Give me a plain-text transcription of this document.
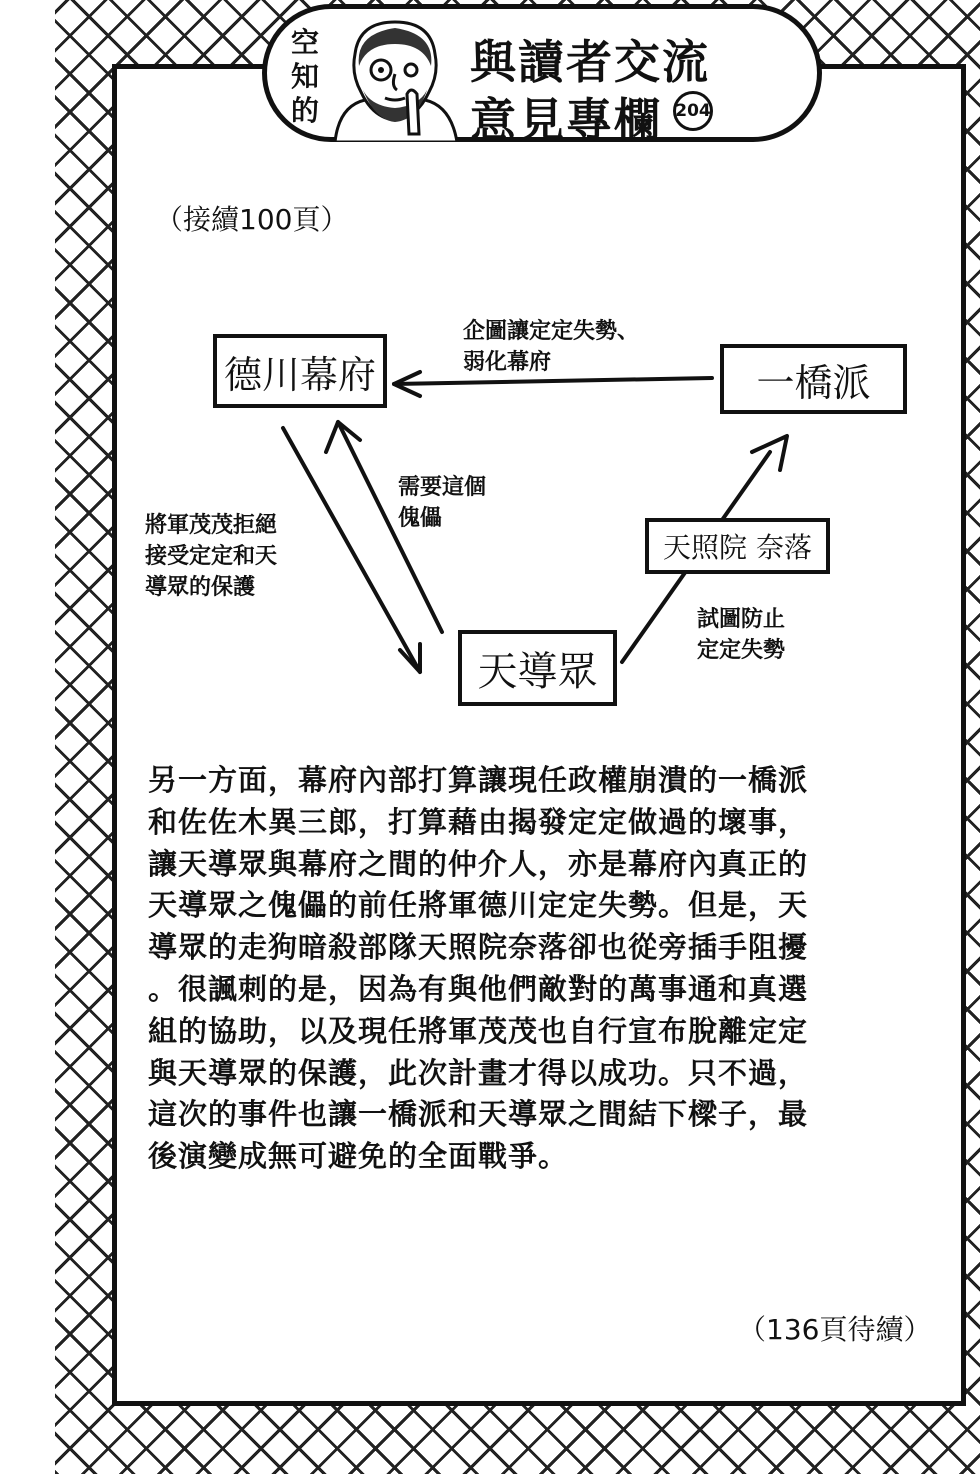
空
知
的
與讀者交流
意見專欄 204
（接續100頁）
德川幕府	一橋派
天導眾
天照院 奈落
企圖讓定定失勢、
弱化幕府
需要這個
傀儡
將軍茂茂拒絕
接受定定和天
導眾的保護
試圖防止
定定失勢
另一方面，幕府內部打算讓現任政權崩潰的一橋派
和佐佐木異三郎，打算藉由揭發定定做過的壞事，
讓天導眾與幕府之間的仲介人，亦是幕府內真正的
天導眾之傀儡的前任將軍德川定定失勢。但是，天
導眾的走狗暗殺部隊天照院奈落卻也從旁插手阻擾
。很諷刺的是，因為有與他們敵對的萬事通和真選
組的協助，以及現任將軍茂茂也自行宣布脫離定定
與天導眾的保護，此次計畫才得以成功。只不過，
這次的事件也讓一橋派和天導眾之間結下樑子，最
後演變成無可避免的全面戰爭。
（136頁待續）
